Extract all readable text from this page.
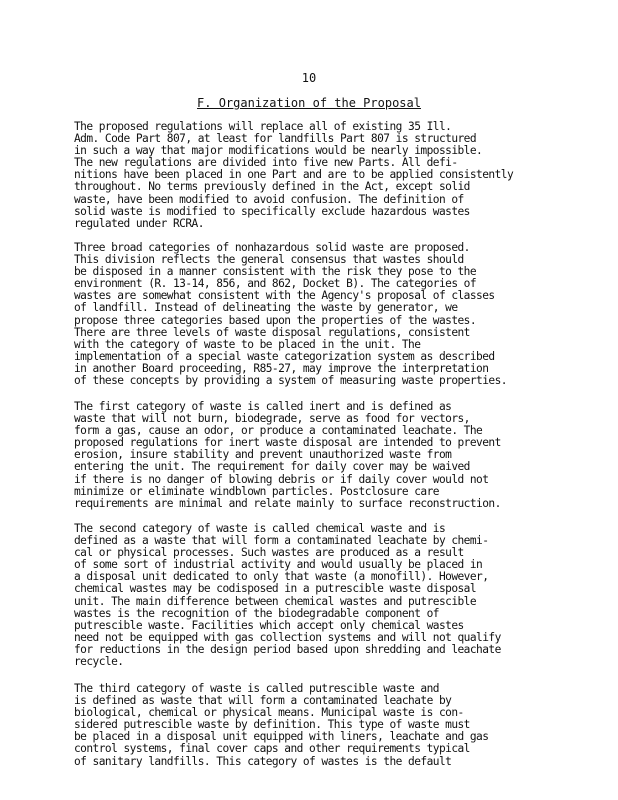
10
F. Organization of the Proposal
The proposed regulations will replace all of existing 35 Ill.
Adm. Code Part 807, at least for landfills Part 807 is structured
in such a way that major modifications would be nearly impossible.
The new regulations are divided into five new Parts. All defi-
nitions have been placed in one Part and are to be applied consistently
throughout. No terms previously defined in the Act, except solid
waste, have been modified to avoid confusion. The definition of
solid waste is modified to specifically exclude hazardous wastes
regulated under RCRA.
Three broad categories of nonhazardous solid waste are proposed.
This division reflects the general consensus that wastes should
be disposed in a manner consistent with the risk they pose to the
environment (R. 13-14, 856, and 862, Docket B). The categories of
wastes are somewhat consistent with the Agency's proposal of classes
of landfill. Instead of delineating the waste by generator, we
propose three categories based upon the properties of the wastes.
There are three levels of waste disposal regulations, consistent
with the category of waste to be placed in the unit. The
implementation of a special waste categorization system as described
in another Board proceeding, R85-27, may improve the interpretation
of these concepts by providing a system of measuring waste properties.
The first category of waste is called inert and is defined as
waste that will not burn, biodegrade, serve as food for vectors,
form a gas, cause an odor, or produce a contaminated leachate. The
proposed regulations for inert waste disposal are intended to prevent
erosion, insure stability and prevent unauthorized waste from
entering the unit. The requirement for daily cover may be waived
if there is no danger of blowing debris or if daily cover would not
minimize or eliminate windblown particles. Postclosure care
requirements are minimal and relate mainly to surface reconstruction.
The second category of waste is called chemical waste and is
defined as a waste that will form a contaminated leachate by chemi-
cal or physical processes. Such wastes are produced as a result
of some sort of industrial activity and would usually be placed in
a disposal unit dedicated to only that waste (a monofill). However,
chemical wastes may be codisposed in a putrescible waste disposal
unit. The main difference between chemical wastes and putrescible
wastes is the recognition of the biodegradable component of
putrescible waste. Facilities which accept only chemical wastes
need not be equipped with gas collection systems and will not qualify
for reductions in the design period based upon shredding and leachate
recycle.
The third category of waste is called putrescible waste and
is defined as waste that will form a contaminated leachate by
biological, chemical or physical means. Municipal waste is con-
sidered putrescible waste by definition. This type of waste must
be placed in a disposal unit equipped with liners, leachate and gas
control systems, final cover caps and other requirements typical
of sanitary landfills. This category of wastes is the default
